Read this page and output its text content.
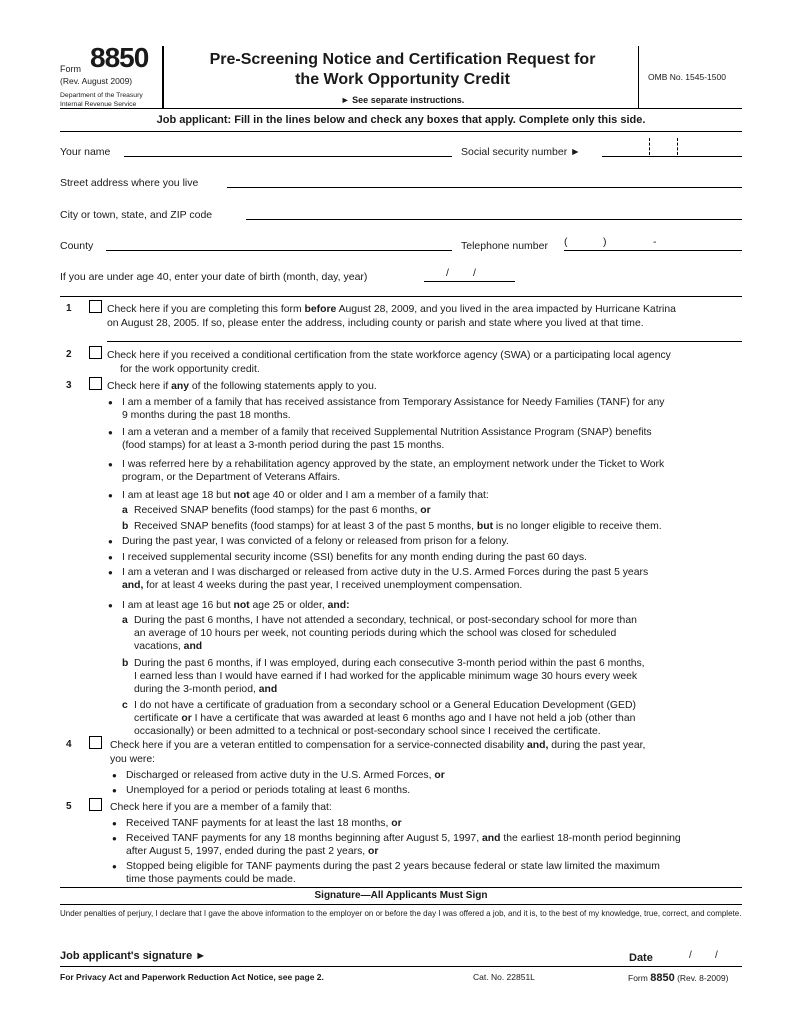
Form 8850
(Rev. August 2009)
Department of the Treasury
Internal Revenue Service
Pre-Screening Notice and Certification Request for
the Work Opportunity Credit
► See separate instructions.
OMB No. 1545-1500
Job applicant: Fill in the lines below and check any boxes that apply. Complete only this side.
Your name	Social security number ►
Street address where you live
City or town, state, and ZIP code
County	Telephone number (	)	-
If you are under age 40, enter your date of birth (month, day, year)	/ /
1	Check here if you are completing this form before August 28, 2009, and you lived in the area impacted by Hurricane Katrina
on August 28, 2005. If so, please enter the address, including county or parish and state where you lived at that time.
2	Check here if you received a conditional certification from the state workforce agency (SWA) or a participating local agency
for the work opportunity credit.
3	Check here if any of the following statements apply to you.
● I am a member of a family that has received assistance from Temporary Assistance for Needy Families (TANF) for any
9 months during the past 18 months.
● I am a veteran and a member of a family that received Supplemental Nutrition Assistance Program (SNAP) benefits
(food stamps) for at least a 3-month period during the past 15 months.
● I was referred here by a rehabilitation agency approved by the state, an employment network under the Ticket to Work
program, or the Department of Veterans Affairs.
● I am at least age 18 but not age 40 or older and I am a member of a family that:
a Received SNAP benefits (food stamps) for the past 6 months, or
b Received SNAP benefits (food stamps) for at least 3 of the past 5 months, but is no longer eligible to receive them.
● During the past year, I was convicted of a felony or released from prison for a felony.
● I received supplemental security income (SSI) benefits for any month ending during the past 60 days.
● I am a veteran and I was discharged or released from active duty in the U.S. Armed Forces during the past 5 years
and, for at least 4 weeks during the past year, I received unemployment compensation.
● I am at least age 16 but not age 25 or older, and:
a During the past 6 months, I have not attended a secondary, technical, or post-secondary school for more than
an average of 10 hours per week, not counting periods during which the school was closed for scheduled
vacations, and
b During the past 6 months, if I was employed, during each consecutive 3-month period within the past 6 months,
I earned less than I would have earned if I had worked for the applicable minimum wage 30 hours every week
during the 3-month period, and
c I do not have a certificate of graduation from a secondary school or a General Education Development (GED)
certificate or I have a certificate that was awarded at least 6 months ago and I have not held a job (other than
occasionally) or been admitted to a technical or post-secondary school since I received the certificate.
4	Check here if you are a veteran entitled to compensation for a service-connected disability and, during the past year,
you were:
● Discharged or released from active duty in the U.S. Armed Forces, or
● Unemployed for a period or periods totaling at least 6 months.
5	Check here if you are a member of a family that:
● Received TANF payments for at least the last 18 months, or
● Received TANF payments for any 18 months beginning after August 5, 1997, and the earliest 18-month period beginning
after August 5, 1997, ended during the past 2 years, or
● Stopped being eligible for TANF payments during the past 2 years because federal or state law limited the maximum
time those payments could be made.
Signature—All Applicants Must Sign
Under penalties of perjury, I declare that I gave the above information to the employer on or before the day I was offered a job, and it is, to the best of my knowledge, true, correct, and complete.
Job applicant's signature ►	Date	/ /
For Privacy Act and Paperwork Reduction Act Notice, see page 2.	Cat. No. 22851L	Form 8850 (Rev. 8-2009)
